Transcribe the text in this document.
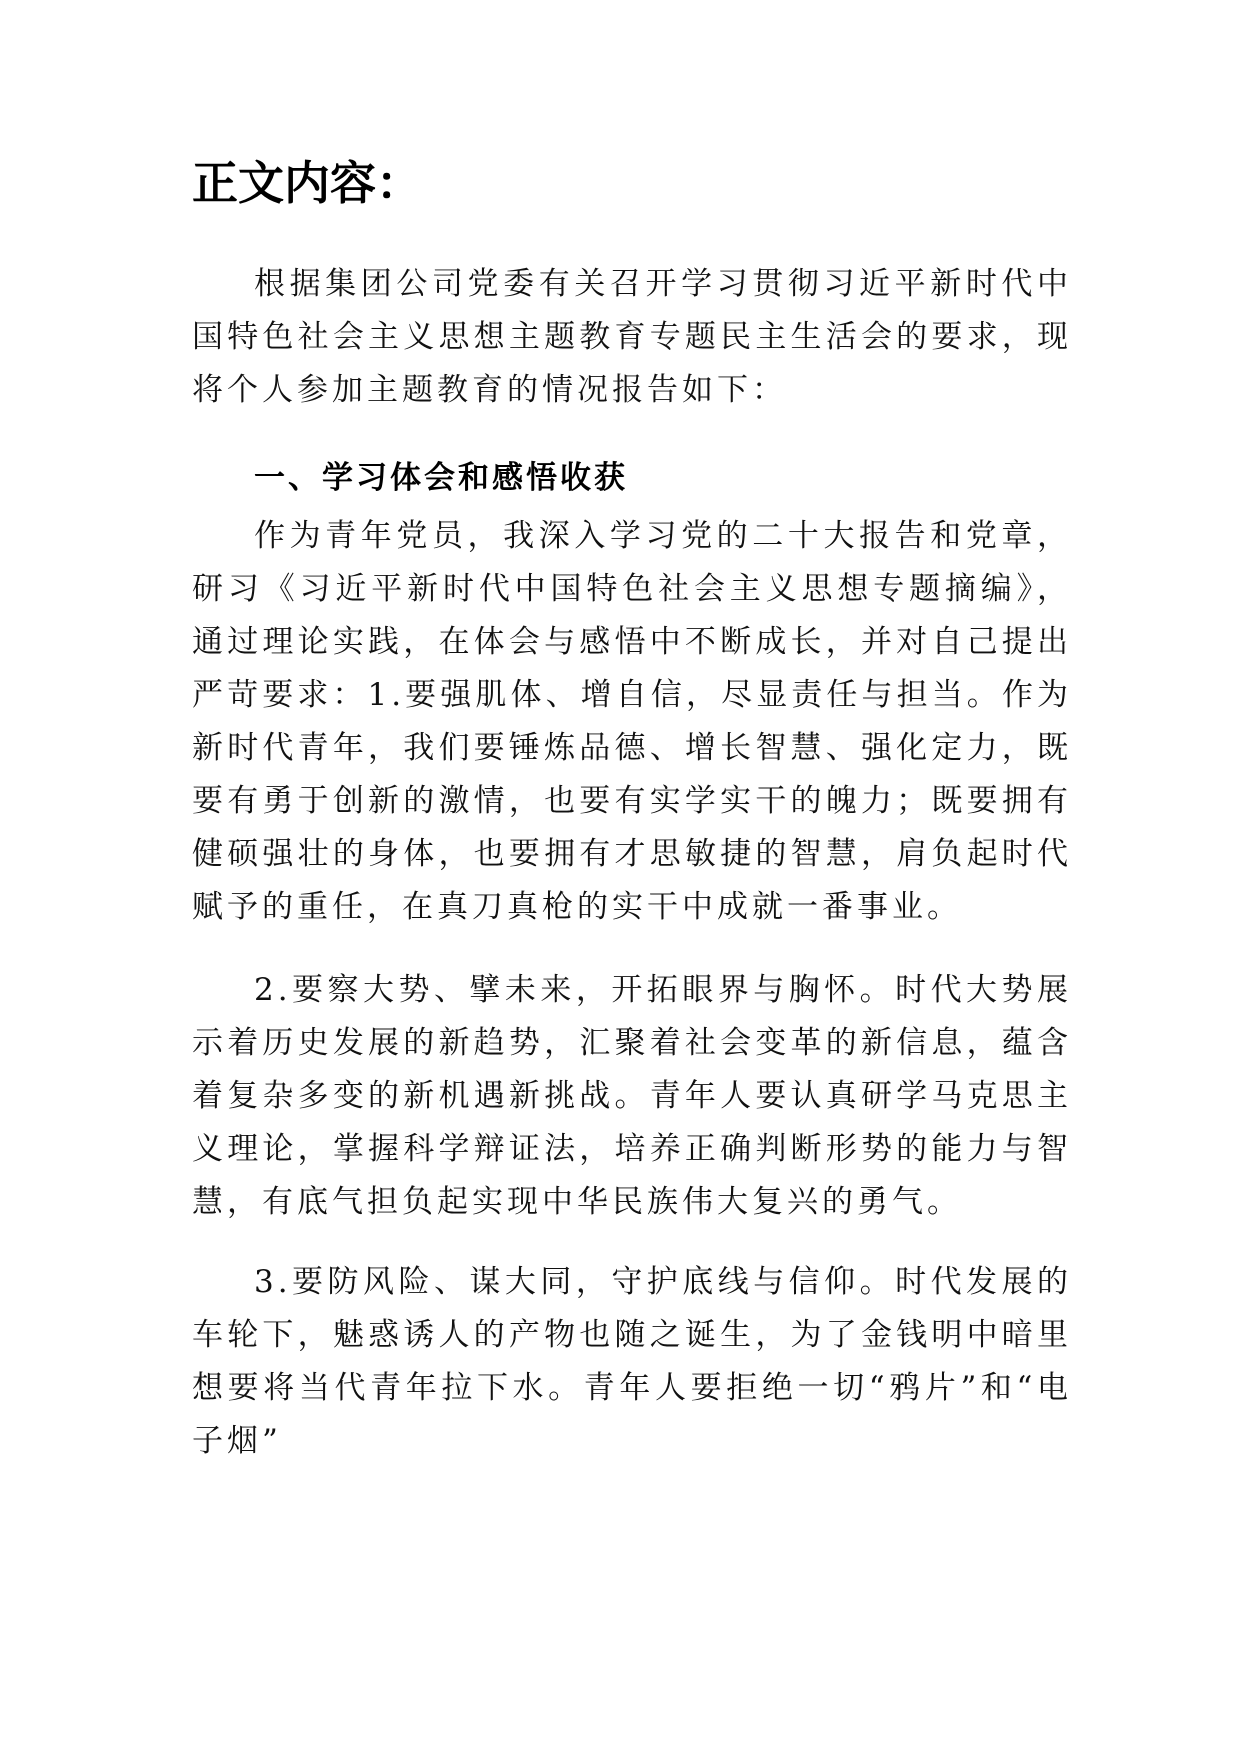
正文内容：

根据集团公司党委有关召开学习贯彻习近平新时代中国特色社会主义思想主题教育专题民主生活会的要求，现将个人参加主题教育的情况报告如下：

一、学习体会和感悟收获

作为青年党员，我深入学习党的二十大报告和党章，研习《习近平新时代中国特色社会主义思想专题摘编》，通过理论实践，在体会与感悟中不断成长，并对自己提出严苛要求：1.要强肌体、增自信，尽显责任与担当。作为新时代青年，我们要锤炼品德、增长智慧、强化定力，既要有勇于创新的激情，也要有实学实干的魄力；既要拥有健硕强壮的身体，也要拥有才思敏捷的智慧，肩负起时代赋予的重任，在真刀真枪的实干中成就一番事业。

2.要察大势、擘未来，开拓眼界与胸怀。时代大势展示着历史发展的新趋势，汇聚着社会变革的新信息，蕴含着复杂多变的新机遇新挑战。青年人要认真研学马克思主义理论，掌握科学辩证法，培养正确判断形势的能力与智慧，有底气担负起实现中华民族伟大复兴的勇气。

3.要防风险、谋大同，守护底线与信仰。时代发展的车轮下，魅惑诱人的产物也随之诞生，为了金钱明中暗里想要将当代青年拉下水。青年人要拒绝一切“鸦片”和“电子烟”
